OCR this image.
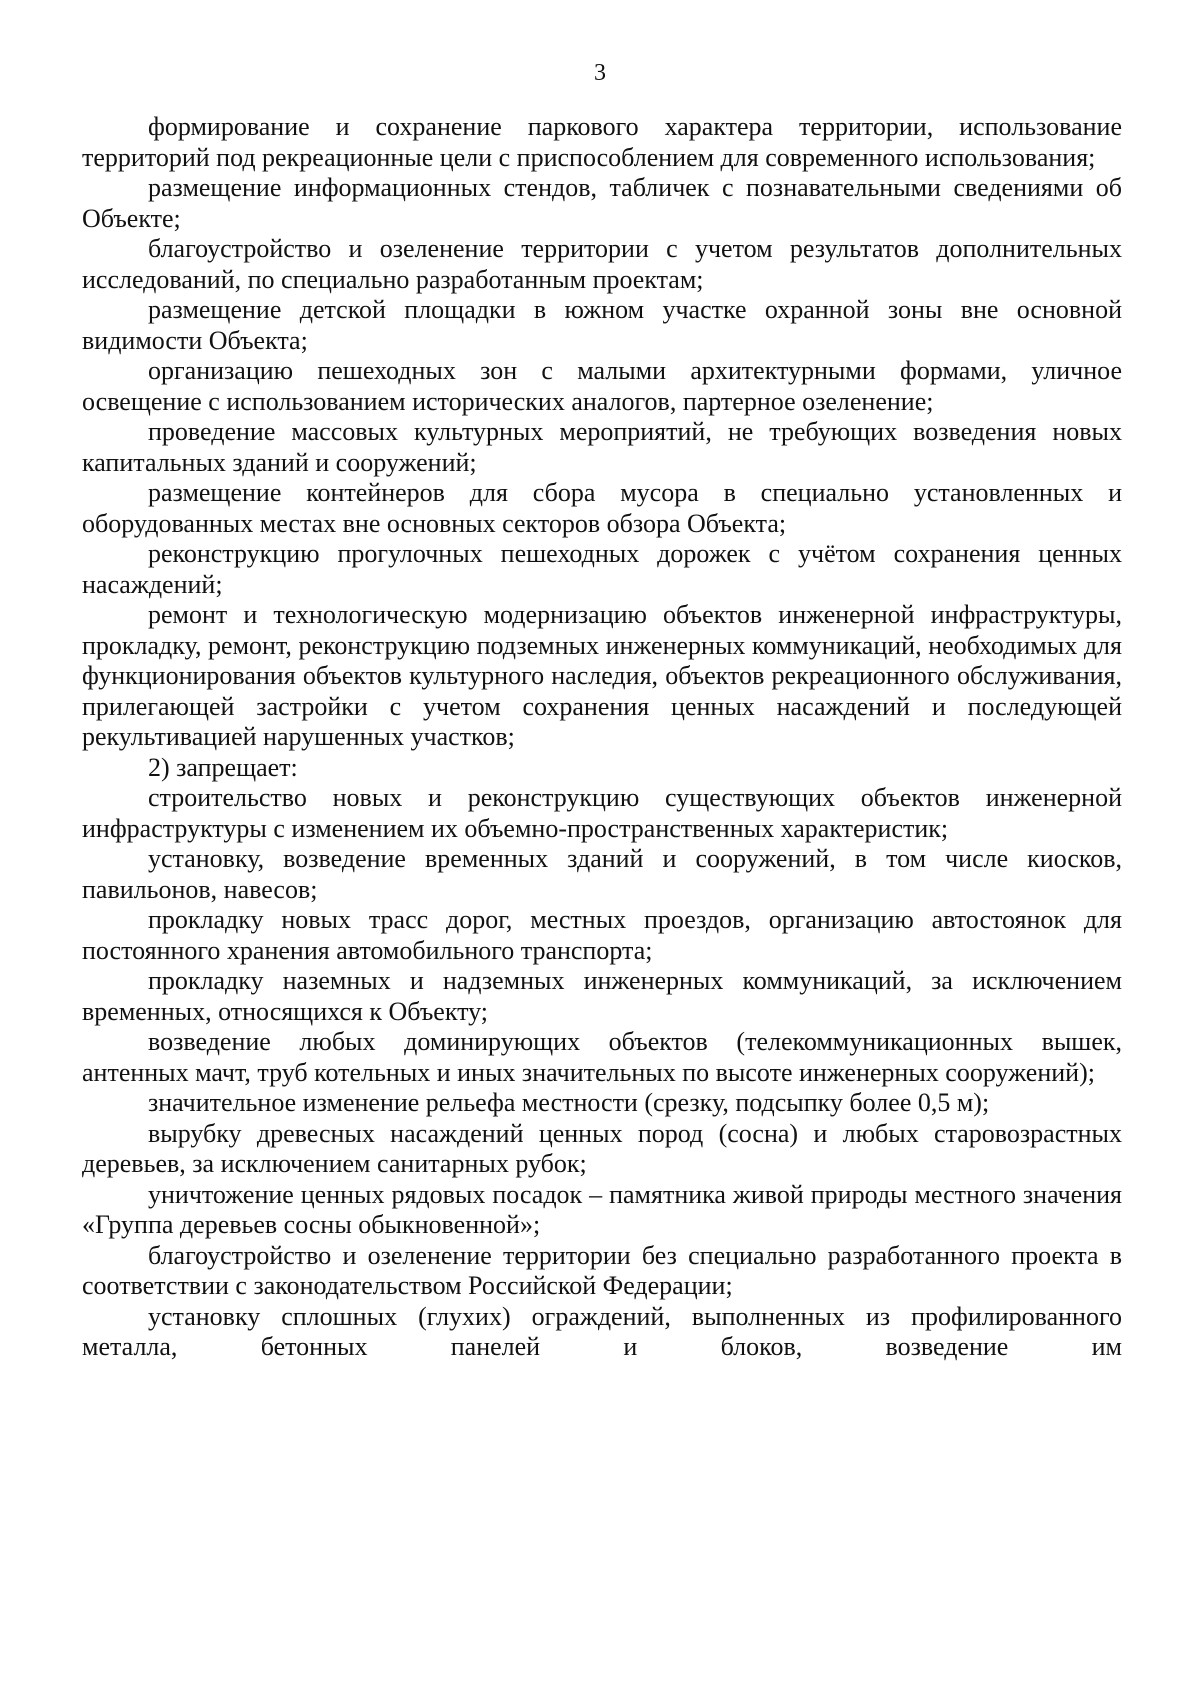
3

формирование и сохранение паркового характера территории, использование территорий под рекреационные цели с приспособлением для современного использования;

размещение информационных стендов, табличек с познавательными сведениями об Объекте;

благоустройство и озеленение территории с учетом результатов дополнительных исследований, по специально разработанным проектам;

размещение детской площадки в южном участке охранной зоны вне основной видимости Объекта;

организацию пешеходных зон с малыми архитектурными формами, уличное освещение с использованием исторических аналогов, партерное озеленение;

проведение массовых культурных мероприятий, не требующих возведения новых капитальных зданий и сооружений;

размещение контейнеров для сбора мусора в специально установленных и оборудованных местах вне основных секторов обзора Объекта;

реконструкцию прогулочных пешеходных дорожек с учётом сохранения ценных насаждений;

ремонт и технологическую модернизацию объектов инженерной инфраструктуры, прокладку, ремонт, реконструкцию подземных инженерных коммуникаций, необходимых для функционирования объектов культурного наследия, объектов рекреационного обслуживания, прилегающей застройки с учетом сохранения ценных насаждений и последующей рекультивацией нарушенных участков;

2) запрещает:

строительство новых и реконструкцию существующих объектов инженерной инфраструктуры с изменением их объемно-пространственных характеристик;

установку, возведение временных зданий и сооружений, в том числе киосков, павильонов, навесов;

прокладку новых трасс дорог, местных проездов, организацию автостоянок для постоянного хранения автомобильного транспорта;

прокладку наземных и надземных инженерных коммуникаций, за исключением временных, относящихся к Объекту;

возведение любых доминирующих объектов (телекоммуникационных вышек, антенных мачт, труб котельных и иных значительных по высоте инженерных сооружений);

значительное изменение рельефа местности (срезку, подсыпку более 0,5 м);

вырубку древесных насаждений ценных пород (сосна) и любых старовозрастных деревьев, за исключением санитарных рубок;

уничтожение ценных рядовых посадок – памятника живой природы местного значения «Группа деревьев сосны обыкновенной»;

благоустройство и озеленение территории без специально разработанного проекта в соответствии с законодательством Российской Федерации;

установку сплошных (глухих) ограждений, выполненных из профилированного металла, бетонных панелей и блоков, возведение им
